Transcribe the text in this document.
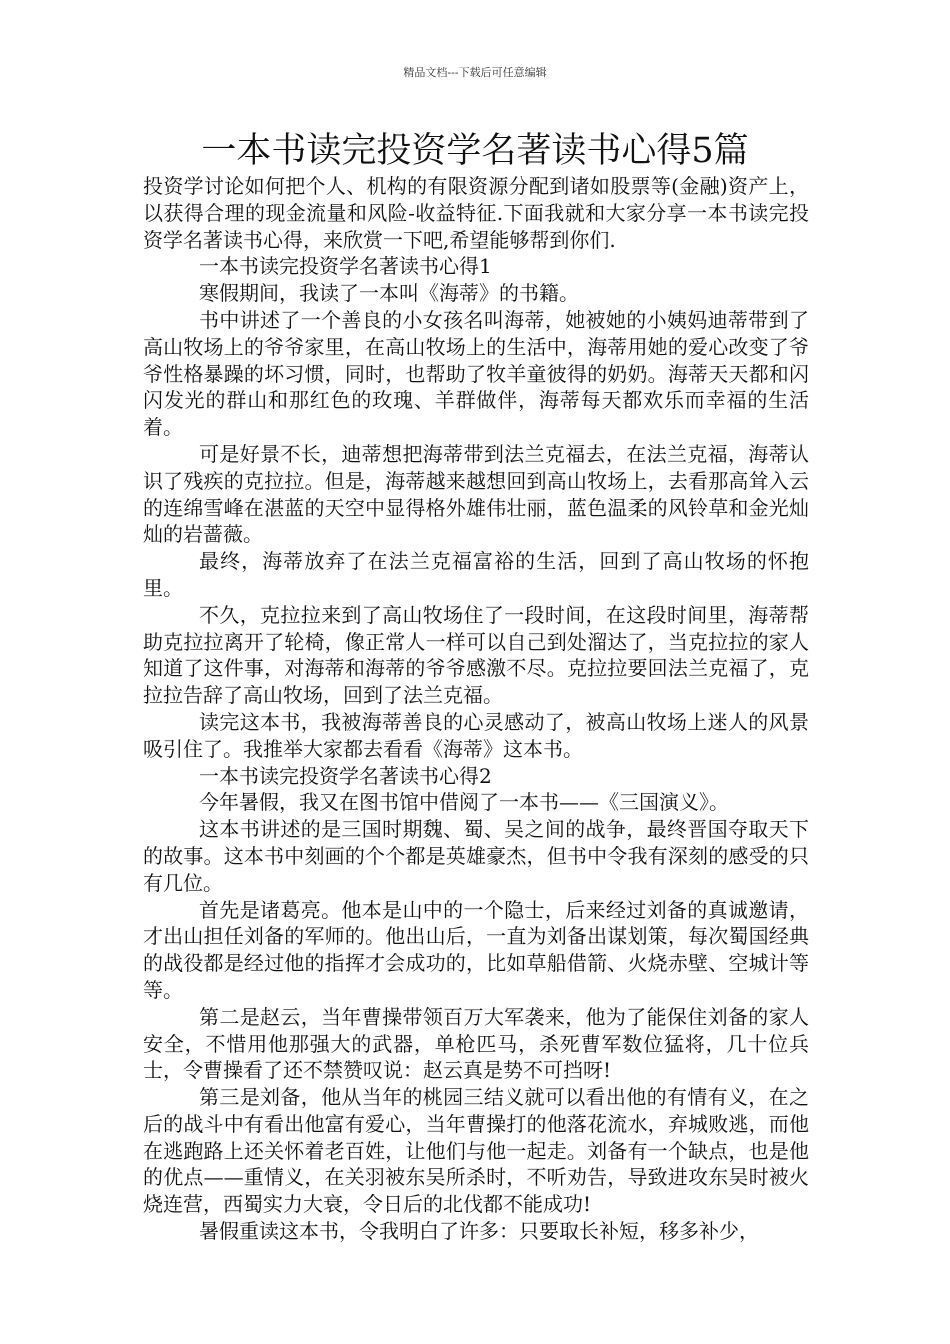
精品文档---下载后可任意编辑
一本书读完投资学名著读书心得5篇

投资学讨论如何把个人、机构的有限资源分配到诸如股票等(金融)资产上，以获得合理的现金流量和风险-收益特征.下面我就和大家分享一本书读完投资学名著读书心得，来欣赏一下吧,希望能够帮到你们.

一本书读完投资学名著读书心得1

寒假期间，我读了一本叫《海蒂》的书籍。

书中讲述了一个善良的小女孩名叫海蒂，她被她的小姨妈迪蒂带到了高山牧场上的爷爷家里，在高山牧场上的生活中，海蒂用她的爱心改变了爷爷性格暴躁的坏习惯，同时，也帮助了牧羊童彼得的奶奶。海蒂天天都和闪闪发光的群山和那红色的玫瑰、羊群做伴，海蒂每天都欢乐而幸福的生活着。

可是好景不长，迪蒂想把海蒂带到法兰克福去，在法兰克福，海蒂认识了残疾的克拉拉。但是，海蒂越来越想回到高山牧场上，去看那高耸入云的连绵雪峰在湛蓝的天空中显得格外雄伟壮丽，蓝色温柔的风铃草和金光灿灿的岩蔷薇。

最终，海蒂放弃了在法兰克福富裕的生活，回到了高山牧场的怀抱里。

不久，克拉拉来到了高山牧场住了一段时间，在这段时间里，海蒂帮助克拉拉离开了轮椅，像正常人一样可以自己到处溜达了，当克拉拉的家人知道了这件事，对海蒂和海蒂的爷爷感激不尽。克拉拉要回法兰克福了，克拉拉告辞了高山牧场，回到了法兰克福。

读完这本书，我被海蒂善良的心灵感动了，被高山牧场上迷人的风景吸引住了。我推举大家都去看看《海蒂》这本书。

一本书读完投资学名著读书心得2

今年暑假，我又在图书馆中借阅了一本书——《三国演义》。

这本书讲述的是三国时期魏、蜀、吴之间的战争，最终晋国夺取天下的故事。这本书中刻画的个个都是英雄豪杰，但书中令我有深刻的感受的只有几位。

首先是诸葛亮。他本是山中的一个隐士，后来经过刘备的真诚邀请，才出山担任刘备的军师的。他出山后，一直为刘备出谋划策，每次蜀国经典的战役都是经过他的指挥才会成功的，比如草船借箭、火烧赤壁、空城计等等。

第二是赵云，当年曹操带领百万大军袭来，他为了能保住刘备的家人安全，不惜用他那强大的武器，单枪匹马，杀死曹军数位猛将，几十位兵士，令曹操看了还不禁赞叹说：赵云真是势不可挡呀!

第三是刘备，他从当年的桃园三结义就可以看出他的有情有义，在之后的战斗中有看出他富有爱心，当年曹操打的他落花流水，弃城败逃，而他在逃跑路上还关怀着老百姓，让他们与他一起走。刘备有一个缺点，也是他的优点——重情义，在关羽被东吴所杀时，不听劝告，导致进攻东吴时被火烧连营，西蜀实力大衰，令日后的北伐都不能成功!

暑假重读这本书，令我明白了许多：只要取长补短，移多补少，
